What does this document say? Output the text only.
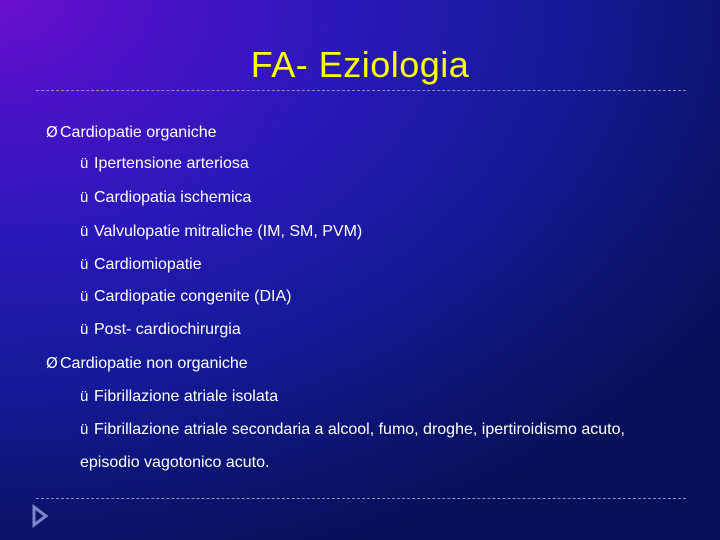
FA- Eziologia
Ø Cardiopatie organiche
ü Ipertensione arteriosa
ü Cardiopatia ischemica
ü Valvulopatie mitraliche (IM, SM, PVM)
ü Cardiomiopatie
ü Cardiopatie congenite (DIA)
ü Post- cardiochirurgia
Ø Cardiopatie non organiche
ü Fibrillazione atriale isolata
ü Fibrillazione atriale secondaria a alcool, fumo, droghe, ipertiroidismo acuto,
episodio vagotonico acuto.
